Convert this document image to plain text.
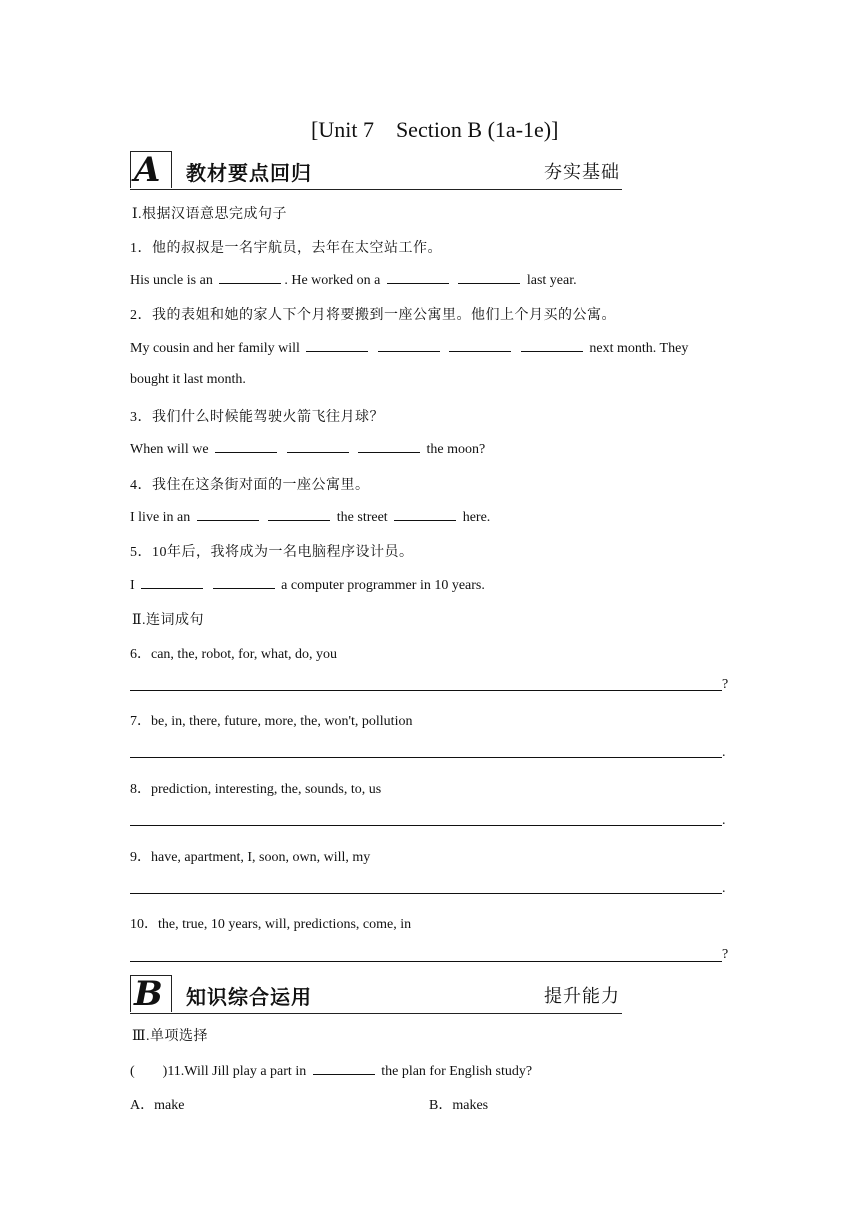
[Unit 7　Section B (1a-1e)]
A 教材要点回归	夯实基础
Ⅰ.根据汉语意思完成句子
1．他的叔叔是一名宇航员，去年在太空站工作。
His uncle is an	. He worked on a	last year.
2．我的表姐和她的家人下个月将要搬到一座公寓里。他们上个月买的公寓。
My cousin and her family will	next month. They
bought it last month.
3．我们什么时候能驾驶火箭飞往月球？
When will we	the moon?
4．我住在这条街对面的一座公寓里。
I live in an	the street	here.
5．10年后，我将成为一名电脑程序设计员。
I	a computer programmer in 10 years.
Ⅱ.连词成句
6．can, the, robot, for, what, do, you
?
7．be, in, there, future, more, the, won't, pollution
.
8．prediction, interesting, the, sounds, to, us
.
9．have, apartment, I, soon, own, will, my
.
10．the, true, 10 years, will, predictions, come, in
?
B 知识综合运用	提升能力
Ⅲ.单项选择
(　　)11.Will Jill play a part in	the plan for English study?
A．make	B．makes
